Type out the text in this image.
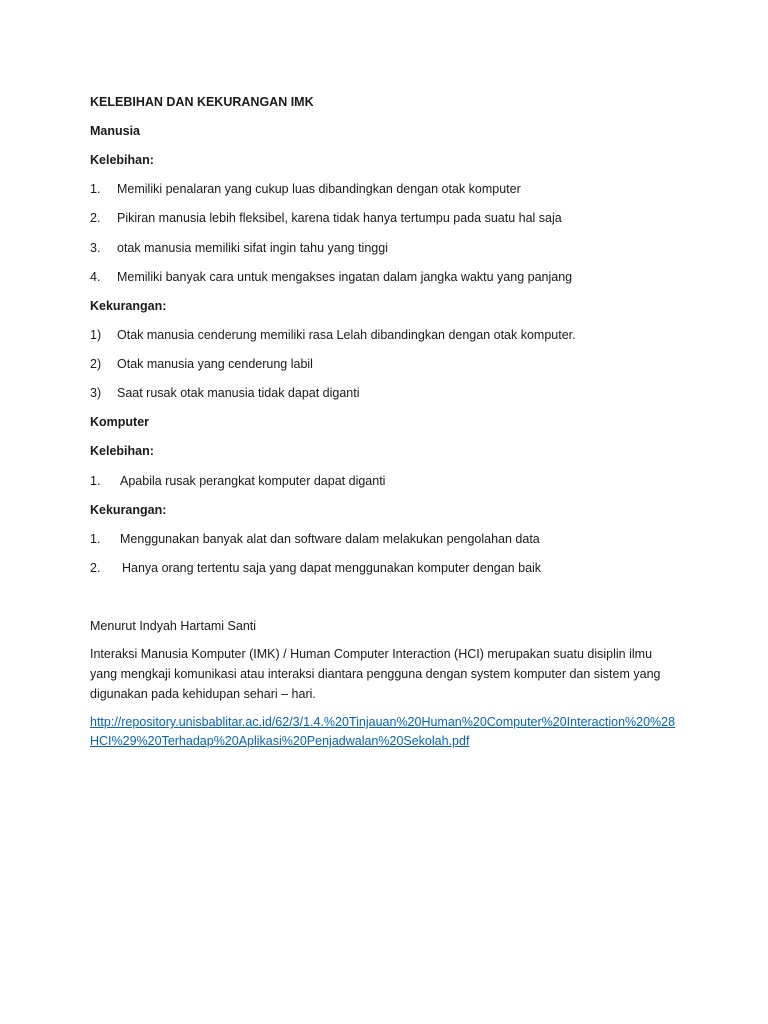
KELEBIHAN DAN KEKURANGAN IMK
Manusia
Kelebihan:
1. Memiliki penalaran yang cukup luas dibandingkan dengan otak komputer
2. Pikiran manusia lebih fleksibel, karena tidak hanya tertumpu pada suatu hal saja
3. otak manusia memiliki sifat ingin tahu yang tinggi
4. Memiliki banyak cara untuk mengakses ingatan dalam jangka waktu yang panjang
Kekurangan:
1) Otak manusia cenderung memiliki rasa Lelah dibandingkan dengan otak komputer.
2) Otak manusia yang cenderung labil
3) Saat rusak otak manusia tidak dapat diganti
Komputer
Kelebihan:
1. Apabila rusak perangkat komputer dapat diganti
Kekurangan:
1. Menggunakan banyak alat dan software dalam melakukan pengolahan data
2. Hanya orang tertentu saja yang dapat menggunakan komputer dengan baik
Menurut Indyah Hartami Santi
Interaksi Manusia Komputer (IMK) / Human Computer Interaction (HCI) merupakan suatu disiplin ilmu yang mengkaji komunikasi atau interaksi diantara pengguna dengan system komputer dan sistem yang digunakan pada kehidupan sehari – hari.
http://repository.unisbablitar.ac.id/62/3/1.4.%20Tinjauan%20Human%20Computer%20Interaction%20%28HCI%29%20Terhadap%20Aplikasi%20Penjadwalan%20Sekolah.pdf
